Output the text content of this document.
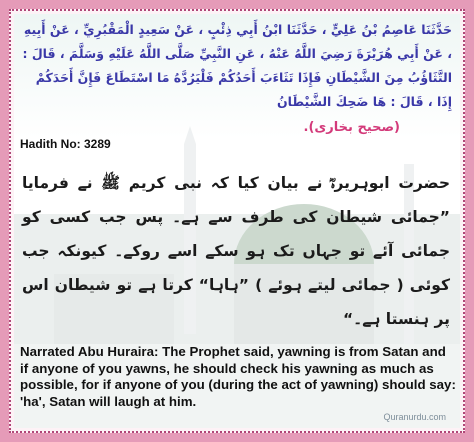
حَدَّثَنَا عَاصِمُ بْنُ عَلِيٍّ ، حَدَّثَنَا ابْنُ أَبِي ذِئْبٍ ، عَنْ سَعِيدٍ الْمَقْبُرِيِّ ، عَنْ أَبِيهِ ، عَنْ أَبِي هُرَيْرَةَ رَضِيَ اللَّهُ عَنْهُ ، عَنِ النَّبِيِّ صَلَّى اللَّهُ عَلَيْهِ وَسَلَّمَ ، قَالَ : التَّثَاؤُبُ مِنَ الشَّيْطَانِ فَإِذَا تَثَاءَبَ أَحَدُكُمْ فَلْيَرُدَّهُ مَا اسْتَطَاعَ فَإِنَّ أَحَدَكُمْ إِذَا ، قَالَ : هَا ضَحِكَ الشَّيْطَانُ
(صحیح بخاری).
Hadith No: 3289
حضرت ابوہریرہؓ نے بیان کیا کہ نبی کریم ﷺ نے فرمایا ”جمائی شیطان کی طرف سے ہے۔ پس جب کسی کو جمائی آئے تو جہاں تک ہو سکے اسے روکے۔ کیونکہ جب کوئی ( جمائی لیتے ہوئے ) ”ہاہا“ کرتا ہے تو شیطان اس پر ہنستا ہے۔“
Narrated Abu Huraira: The Prophet said, yawning is from Satan and if anyone of you yawns, he should check his yawning as much as possible, for if anyone of you (during the act of yawning) should say: 'ha', Satan will laugh at him.
Quranurdu.com
